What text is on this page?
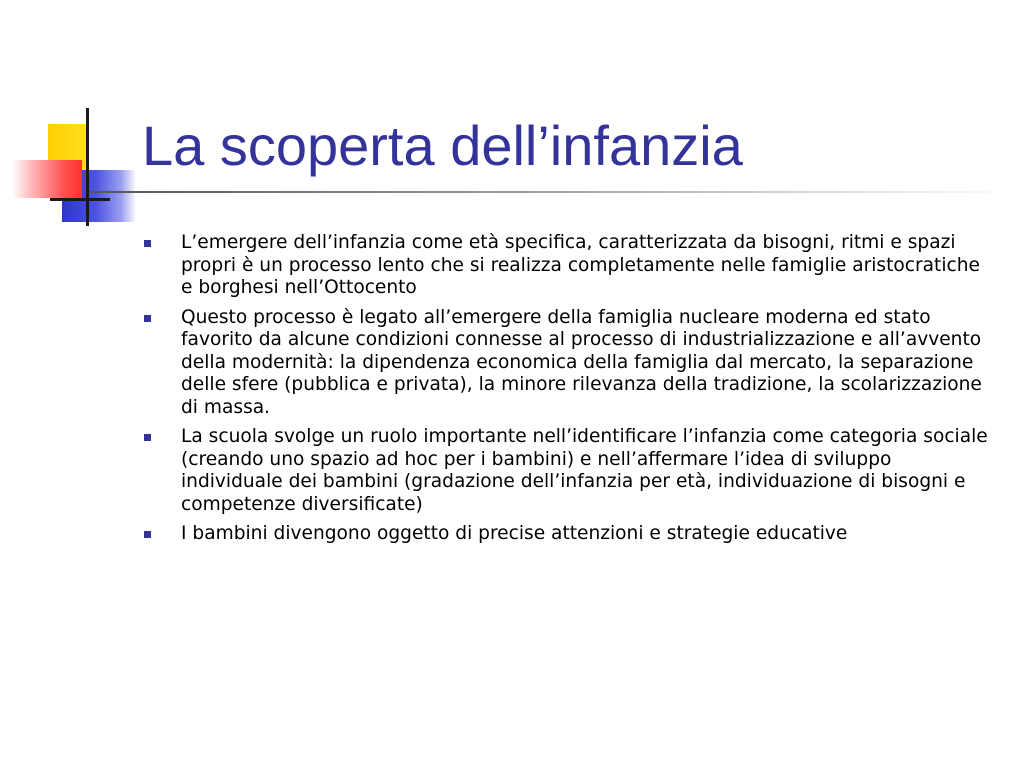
La scoperta dell’infanzia
L’emergere dell’infanzia come età specifica, caratterizzata da bisogni, ritmi e spazi propri è un processo lento che si realizza completamente nelle famiglie aristocratiche e borghesi nell’Ottocento
Questo processo è legato all’emergere della famiglia nucleare moderna ed stato favorito da alcune condizioni connesse al processo di industrializzazione e all’avvento della modernità: la dipendenza economica della famiglia dal mercato, la separazione delle sfere (pubblica e privata), la minore rilevanza della tradizione, la scolarizzazione di massa.
La scuola svolge un ruolo importante nell’identificare l’infanzia come categoria sociale (creando uno spazio ad hoc per i bambini) e nell’affermare l’idea di sviluppo individuale dei bambini (gradazione dell’infanzia per età, individuazione di bisogni e competenze diversificate)
I bambini divengono oggetto di precise attenzioni e strategie educative
